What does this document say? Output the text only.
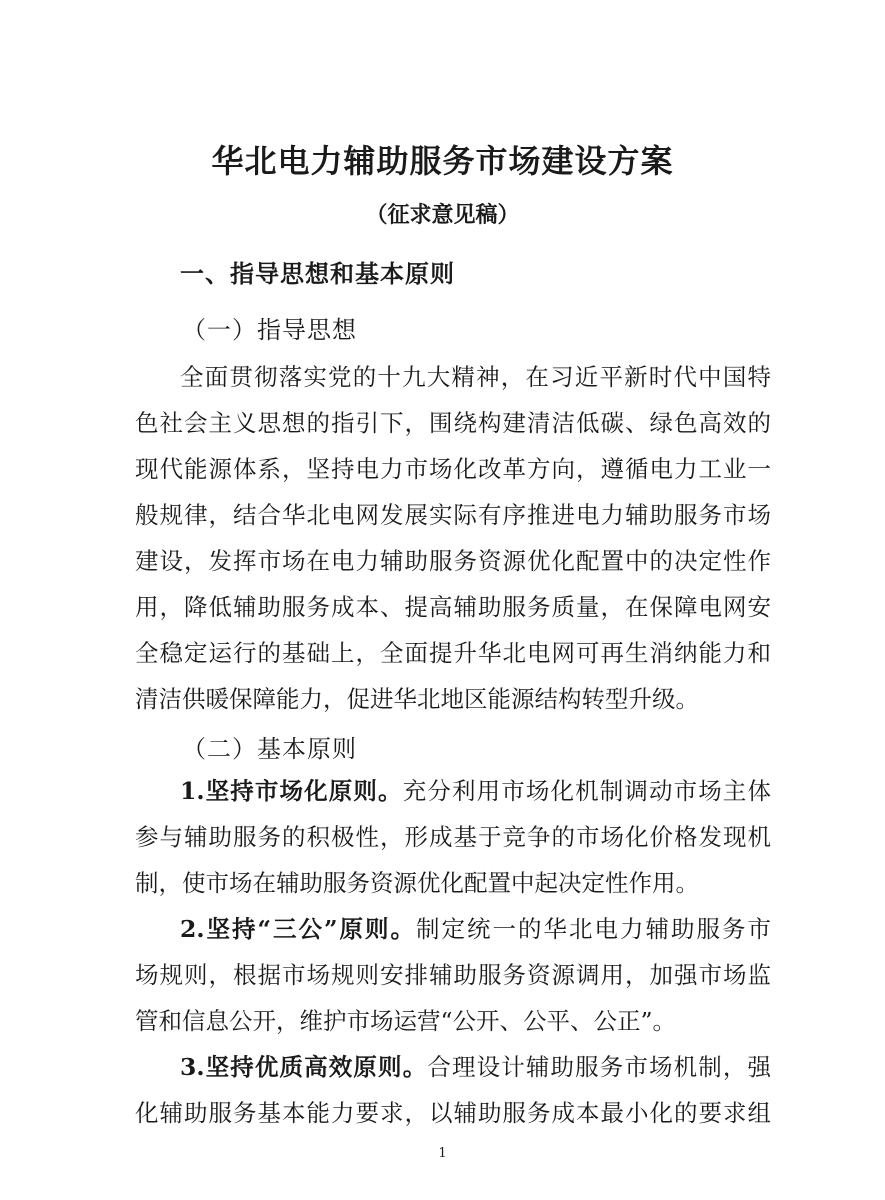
华北电力辅助服务市场建设方案
（征求意见稿）
一、指导思想和基本原则
（一）指导思想
全面贯彻落实党的十九大精神，在习近平新时代中国特
色社会主义思想的指引下，围绕构建清洁低碳、绿色高效的
现代能源体系，坚持电力市场化改革方向，遵循电力工业一
般规律，结合华北电网发展实际有序推进电力辅助服务市场
建设，发挥市场在电力辅助服务资源优化配置中的决定性作
用，降低辅助服务成本、提高辅助服务质量，在保障电网安
全稳定运行的基础上，全面提升华北电网可再生消纳能力和
清洁供暖保障能力，促进华北地区能源结构转型升级。
（二）基本原则
1.坚持市场化原则。充分利用市场化机制调动市场主体
参与辅助服务的积极性，形成基于竞争的市场化价格发现机
制，使市场在辅助服务资源优化配置中起决定性作用。
2.坚持“三公”原则。制定统一的华北电力辅助服务市
场规则，根据市场规则安排辅助服务资源调用，加强市场监
管和信息公开，维护市场运营“公开、公平、公正”。
3.坚持优质高效原则。合理设计辅助服务市场机制，强
化辅助服务基本能力要求，以辅助服务成本最小化的要求组
1
